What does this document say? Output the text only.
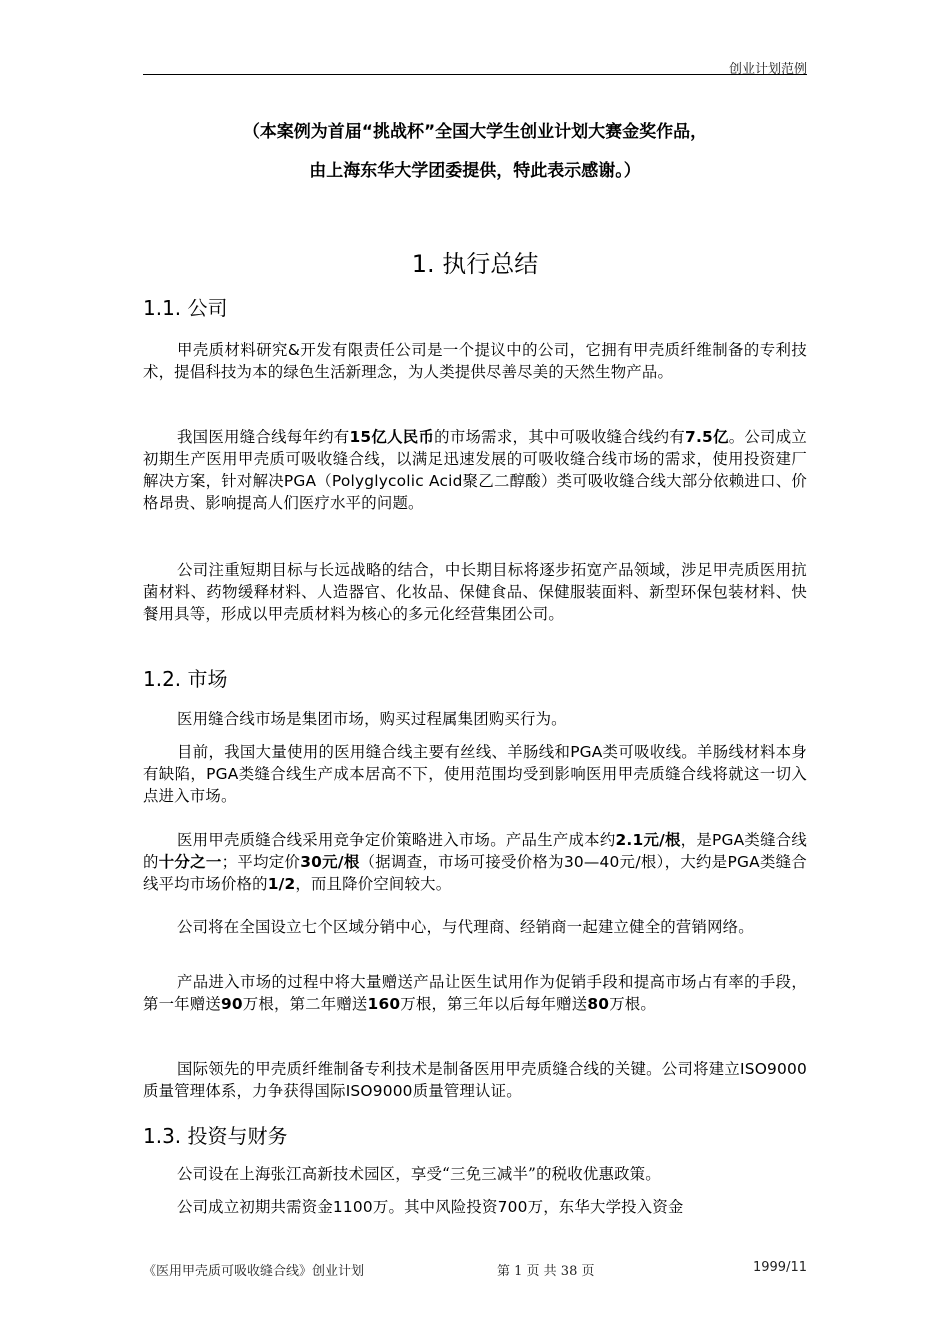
创业计划范例
（本案例为首届“挑战杯”全国大学生创业计划大赛金奖作品，
由上海东华大学团委提供，特此表示感谢。）
1. 执行总结
1.1. 公司
甲壳质材料研究&开发有限责任公司是一个提议中的公司，它拥有甲壳质纤维制备的专利技术，提倡科技为本的绿色生活新理念，为人类提供尽善尽美的天然生物产品。
我国医用缝合线每年约有15亿人民币的市场需求，其中可吸收缝合线约有7.5亿。公司成立初期生产医用甲壳质可吸收缝合线，以满足迅速发展的可吸收缝合线市场的需求，使用投资建厂解决方案，针对解决PGA（Polyglycolic Acid聚乙二醇酸）类可吸收缝合线大部分依赖进口、价格昂贵、影响提高人们医疗水平的问题。
公司注重短期目标与长远战略的结合，中长期目标将逐步拓宽产品领域，涉足甲壳质医用抗菌材料、药物缓释材料、人造器官、化妆品、保健食品、保健服装面料、新型环保包装材料、快餐用具等，形成以甲壳质材料为核心的多元化经营集团公司。
1.2. 市场
医用缝合线市场是集团市场，购买过程属集团购买行为。
目前，我国大量使用的医用缝合线主要有丝线、羊肠线和PGA类可吸收线。羊肠线材料本身有缺陷，PGA类缝合线生产成本居高不下，使用范围均受到影响医用甲壳质缝合线将就这一切入点进入市场。
医用甲壳质缝合线采用竞争定价策略进入市场。产品生产成本约2.1元/根，是PGA类缝合线的十分之一；平均定价30元/根（据调查，市场可接受价格为30—40元/根），大约是PGA类缝合线平均市场价格的1/2，而且降价空间较大。
公司将在全国设立七个区域分销中心，与代理商、经销商一起建立健全的营销网络。
产品进入市场的过程中将大量赠送产品让医生试用作为促销手段和提高市场占有率的手段，第一年赠送90万根，第二年赠送160万根，第三年以后每年赠送80万根。
国际领先的甲壳质纤维制备专利技术是制备医用甲壳质缝合线的关键。公司将建立ISO9000质量管理体系，力争获得国际ISO9000质量管理认证。
1.3. 投资与财务
公司设在上海张江高新技术园区，享受“三免三减半”的税收优惠政策。
公司成立初期共需资金1100万。其中风险投资700万，东华大学投入资金
《医用甲壳质可吸收缝合线》创业计划	第 1 页 共 38 页	1999/11
